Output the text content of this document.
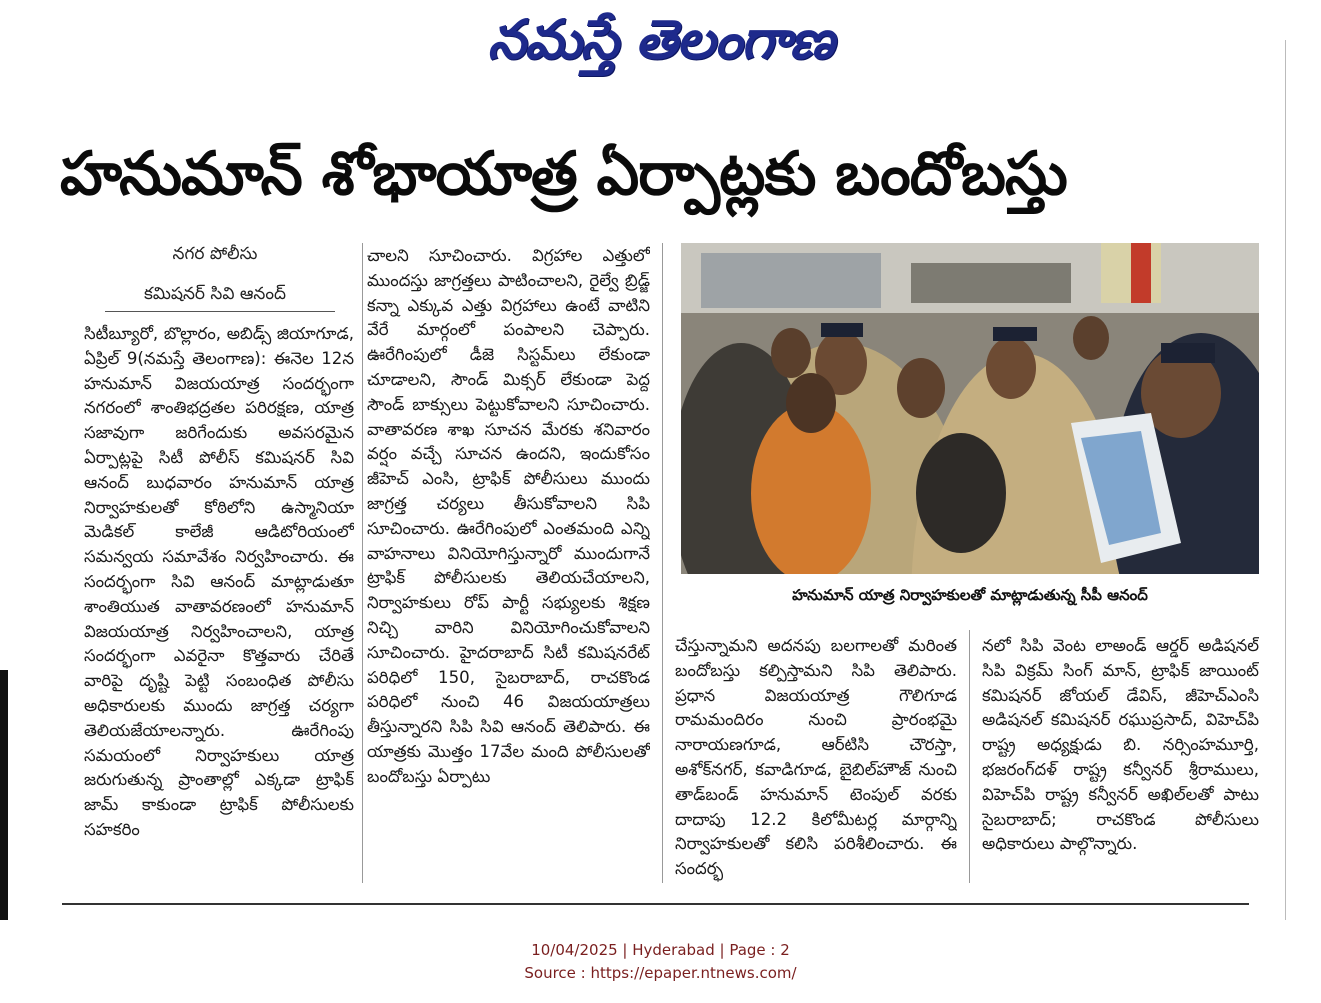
నమస్తే తెలంగాణ
హనుమాన్ శోభాయాత్ర ఏర్పాట్లకు బందోబస్తు
నగర పోలీసు
కమిషనర్ సివి ఆనంద్
సిటీబ్యూరో, బొల్లారం, అబిడ్స్ జియాగూడ, ఏప్రిల్ 9(నమస్తే తెలంగాణ): ఈనెల 12న హనుమాన్ విజయయాత్ర సందర్భంగా నగరంలో శాంతిభద్రతల పరిరక్షణ, యాత్ర సజావుగా జరిగేందుకు అవసరమైన ఏర్పాట్లపై సిటీ పోలీస్ కమిషనర్ సివి ఆనంద్ బుధవారం హనుమాన్ యాత్ర నిర్వాహకులతో కోఠిలోని ఉస్మానియా మెడికల్ కాలేజీ ఆడిటోరియంలో సమన్వయ సమావేశం నిర్వహించారు. ఈ సందర్భంగా సివి ఆనంద్ మాట్లాడుతూ శాంతియుత వాతావరణంలో హనుమాన్ విజయయాత్ర నిర్వహించాలని, యాత్ర సందర్భంగా ఎవరైనా కొత్తవారు చేరితే వారిపై దృష్టి పెట్టి సంబంధిత పోలీసు అధికారులకు ముందు జాగ్రత్త చర్యగా తెలియజేయాలన్నారు. ఊరేగింపు సమయంలో నిర్వాహకులు యాత్ర జరుగుతున్న ప్రాంతాల్లో ఎక్కడా ట్రాఫిక్ జామ్ కాకుండా ట్రాఫిక్ పోలీసులకు సహకరిం
చాలని సూచించారు. విగ్రహాల ఎత్తులో ముందస్తు జాగ్రత్తలు పాటించాలని, రైల్వే బ్రిడ్జ్ కన్నా ఎక్కువ ఎత్తు విగ్రహాలు ఉంటే వాటిని వేరే మార్గంలో పంపాలని చెప్పారు. ఊరేగింపులో డీజె సిస్టమ్‌లు లేకుండా చూడాలని, సౌండ్ మిక్సర్ లేకుండా పెద్ద సౌండ్ బాక్సులు పెట్టుకోవాలని సూచించారు. వాతావరణ శాఖ సూచన మేరకు శనివారం వర్షం వచ్చే సూచన ఉందని, ఇందుకోసం జీహెచ్ ఎంసి, ట్రాఫిక్ పోలీసులు ముందు జాగ్రత్త చర్యలు తీసుకోవాలని సిపి సూచించారు. ఊరేగింపులో ఎంతమంది ఎన్ని వాహనాలు వినియోగిస్తున్నారో ముందుగానే ట్రాఫిక్ పోలీసులకు తెలియచేయాలని, నిర్వాహకులు రోప్ పార్టీ సభ్యులకు శిక్షణ నిచ్చి వారిని వినియోగించుకోవాలని సూచించారు. హైదరాబాద్ సిటీ కమిషనరేట్ పరిధిలో 150, సైబరాబాద్, రాచకొండ పరిధిలో నుంచి 46 విజయయాత్రలు తీస్తున్నారని సిపి సివి ఆనంద్ తెలిపారు. ఈ యాత్రకు మొత్తం 17వేల మంది పోలీసులతో బందోబస్తు ఏర్పాటు
హనుమాన్ యాత్ర నిర్వాహకులతో మాట్లాడుతున్న సీపీ ఆనంద్
చేస్తున్నామని అదనపు బలగాలతో మరింత బందోబస్తు కల్పిస్తామని సిపి తెలిపారు. ప్రధాన విజయయాత్ర గౌలిగూడ రామమందిరం నుంచి ప్రారంభమై నారాయణగూడ, ఆర్‌టిసి చౌరస్తా, అశోక్‌నగర్, కవాడిగూడ, బైబిల్‌హౌజ్ నుంచి తాడ్‌బండ్ హనుమాన్ టెంపుల్ వరకు దాదాపు 12.2 కిలోమీటర్ల మార్గాన్ని నిర్వాహకులతో కలిసి పరిశీలించారు. ఈ సందర్భ
నలో సిపి వెంట లాఅండ్ ఆర్డర్ అడిషనల్ సిపి విక్రమ్ సింగ్ మాన్, ట్రాఫిక్ జాయింట్ కమిషనర్ జోయల్ డేవిస్, జీహెచ్ఎంసి అడిషనల్ కమిషనర్ రఘుప్రసాద్, విహెచ్‌పి రాష్ట్ర అధ్యక్షుడు బి. నర్సింహమూర్తి, భజరంగ్‌దళ్ రాష్ట్ర కన్వీనర్ శ్రీరాములు, విహెచ్‌పి రాష్ట్ర కన్వీనర్ అఖిల్‌లతో పాటు సైబరాబాద్; రాచకొండ పోలీసులు అధికారులు పాల్గొన్నారు.
10/04/2025 | Hyderabad | Page : 2
Source : https://epaper.ntnews.com/
